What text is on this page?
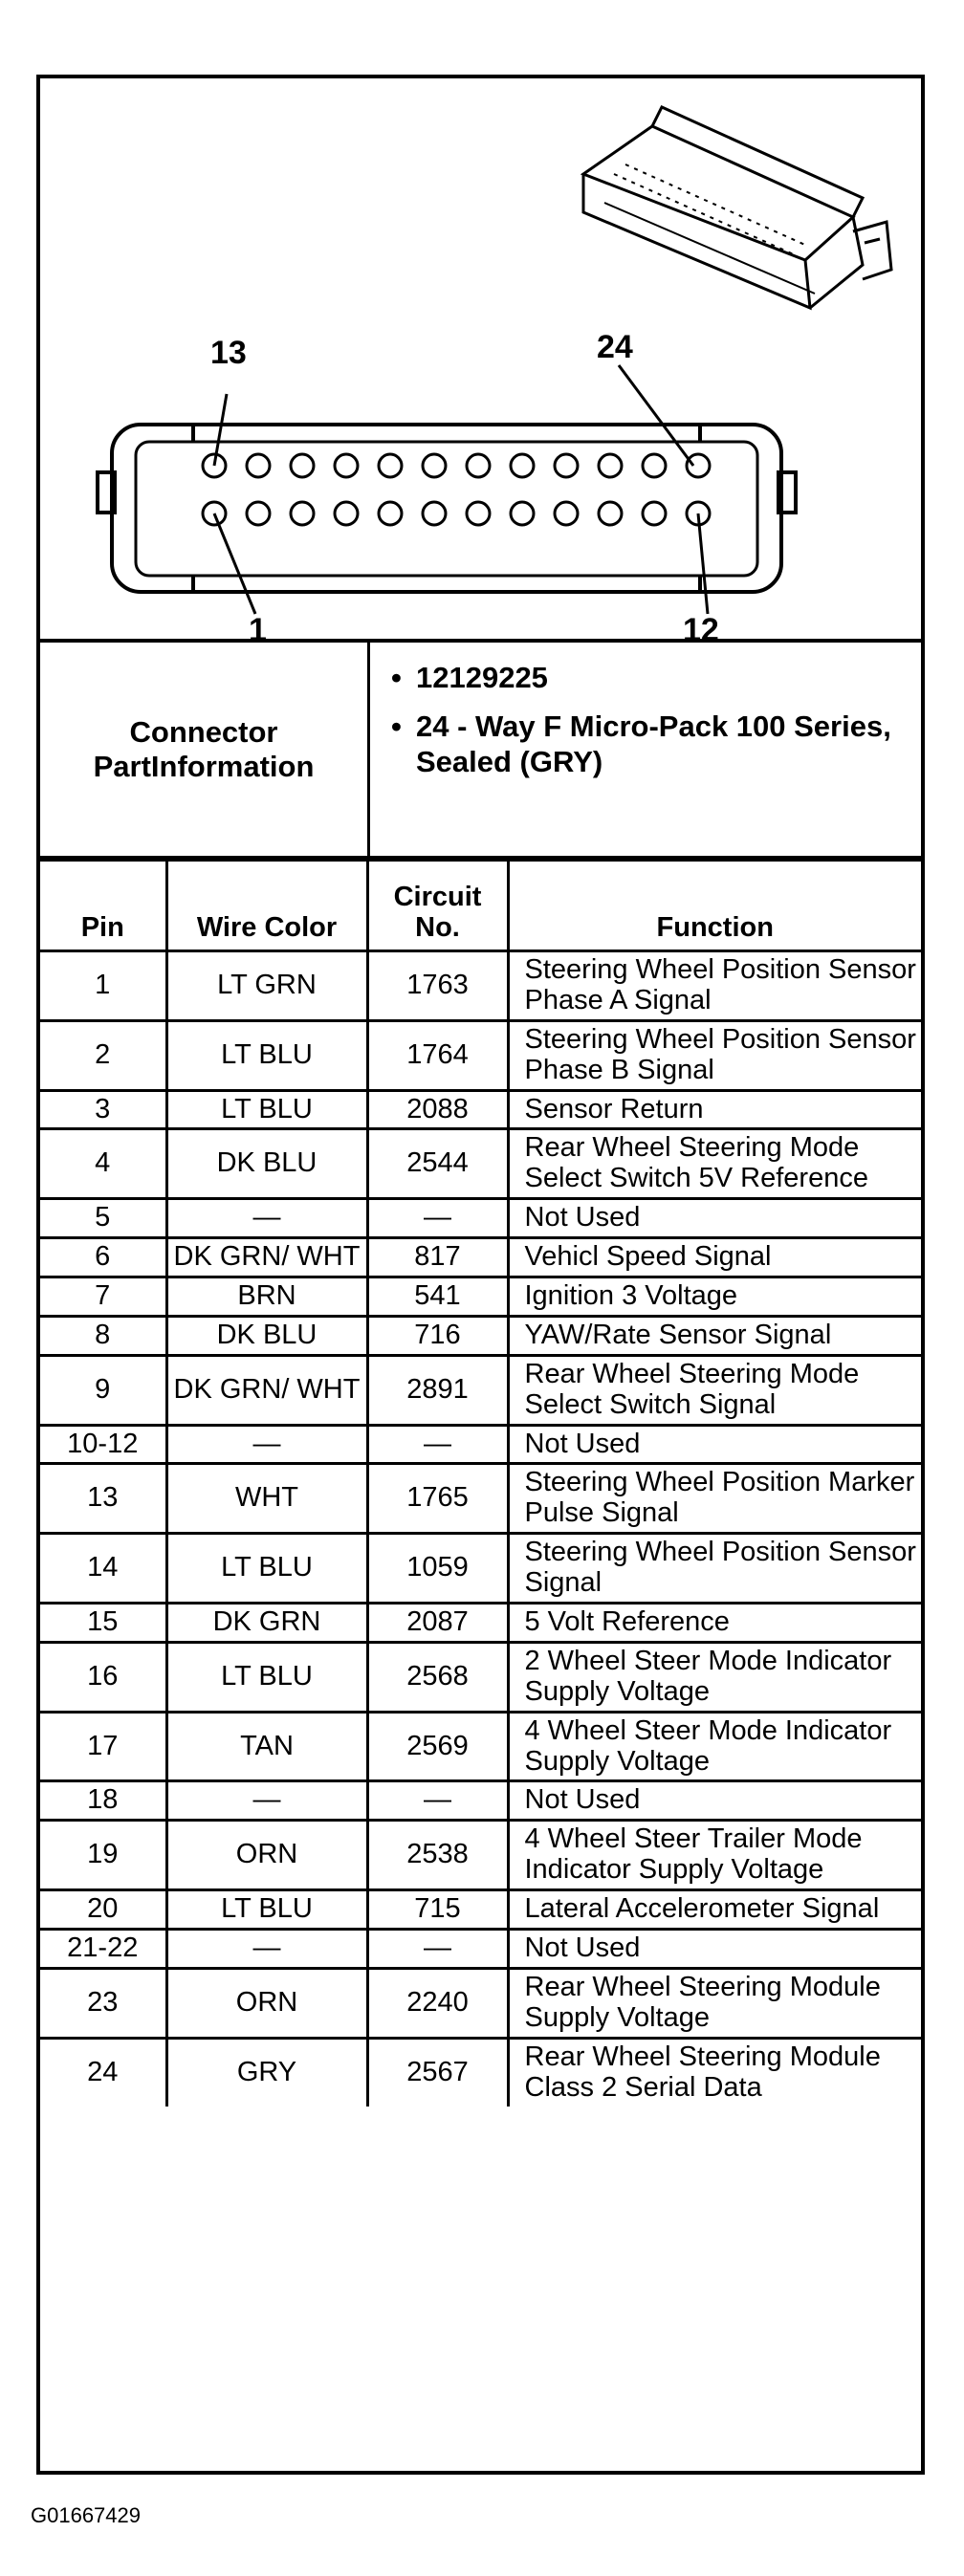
13	24
1	12
Connector
PartInformation
• 12129225
• 24 - Way F Micro-Pack 100 Series, Sealed (GRY)
Pin	Wire Color	Circuit No.	Function
1	LT GRN	1763	Steering Wheel Position Sensor Phase A Signal
2	LT BLU	1764	Steering Wheel Position Sensor Phase B Signal
3	LT BLU	2088	Sensor Return
4	DK BLU	2544	Rear Wheel Steering Mode Select Switch 5V Reference
5	—	—	Not Used
6	DK GRN/ WHT	817	Vehicl Speed Signal
7	BRN	541	Ignition 3 Voltage
8	DK BLU	716	YAW/Rate Sensor Signal
9	DK GRN/ WHT	2891	Rear Wheel Steering Mode Select Switch Signal
10-12	—	—	Not Used
13	WHT	1765	Steering Wheel Position Marker Pulse Signal
14	LT BLU	1059	Steering Wheel Position Sensor Signal
15	DK GRN	2087	5 Volt Reference
16	LT BLU	2568	2 Wheel Steer Mode Indicator Supply Voltage
17	TAN	2569	4 Wheel Steer Mode Indicator Supply Voltage
18	—	—	Not Used
19	ORN	2538	4 Wheel Steer Trailer Mode Indicator Supply Voltage
20	LT BLU	715	Lateral Accelerometer Signal
21-22	—	—	Not Used
23	ORN	2240	Rear Wheel Steering Module Supply Voltage
24	GRY	2567	Rear Wheel Steering Module Class 2 Serial Data
G01667429
